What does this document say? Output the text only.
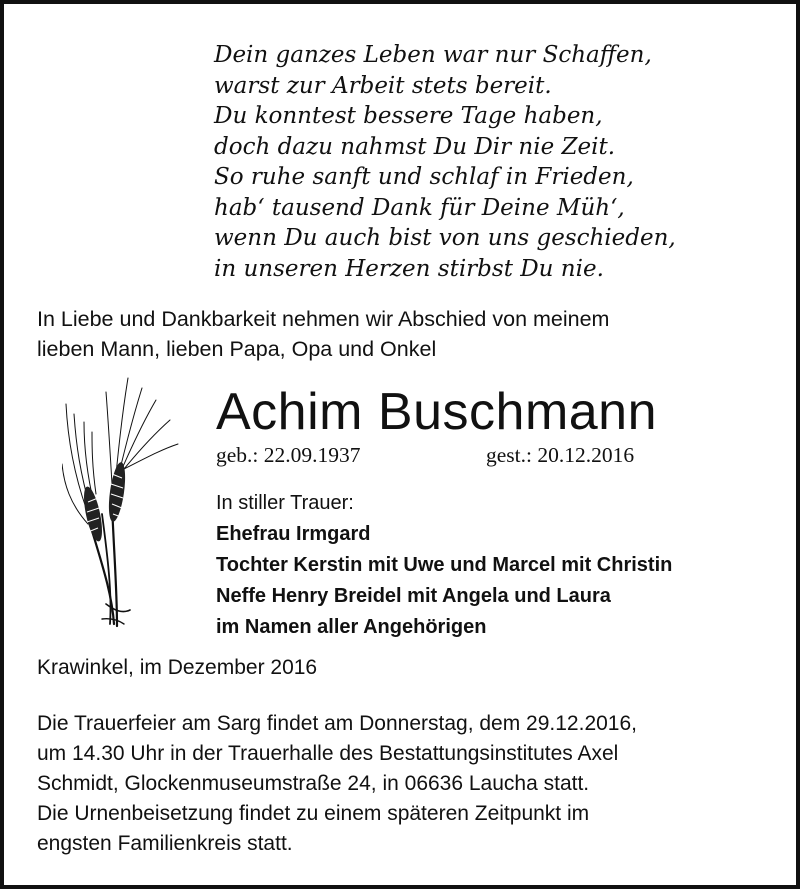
Dein ganzes Leben war nur Schaffen,
warst zur Arbeit stets bereit.
Du konntest bessere Tage haben,
doch dazu nahmst Du Dir nie Zeit.
So ruhe sanft und schlaf in Frieden,
hab‘ tausend Dank für Deine Müh‘,
wenn Du auch bist von uns geschieden,
in unseren Herzen stirbst Du nie.
In Liebe und Dankbarkeit nehmen wir Abschied von meinem
lieben Mann, lieben Papa, Opa und Onkel
Achim Buschmann
geb.: 22.09.1937	gest.: 20.12.2016
In stiller Trauer:
Ehefrau Irmgard
Tochter Kerstin mit Uwe und Marcel mit Christin
Neffe Henry Breidel mit Angela und Laura
im Namen aller Angehörigen
Krawinkel, im Dezember 2016
Die Trauerfeier am Sarg findet am Donnerstag, dem 29.12.2016,
um 14.30 Uhr in der Trauerhalle des Bestattungsinstitutes Axel
Schmidt, Glockenmuseumstraße 24, in 06636 Laucha statt.
Die Urnenbeisetzung findet zu einem späteren Zeitpunkt im
engsten Familienkreis statt.
